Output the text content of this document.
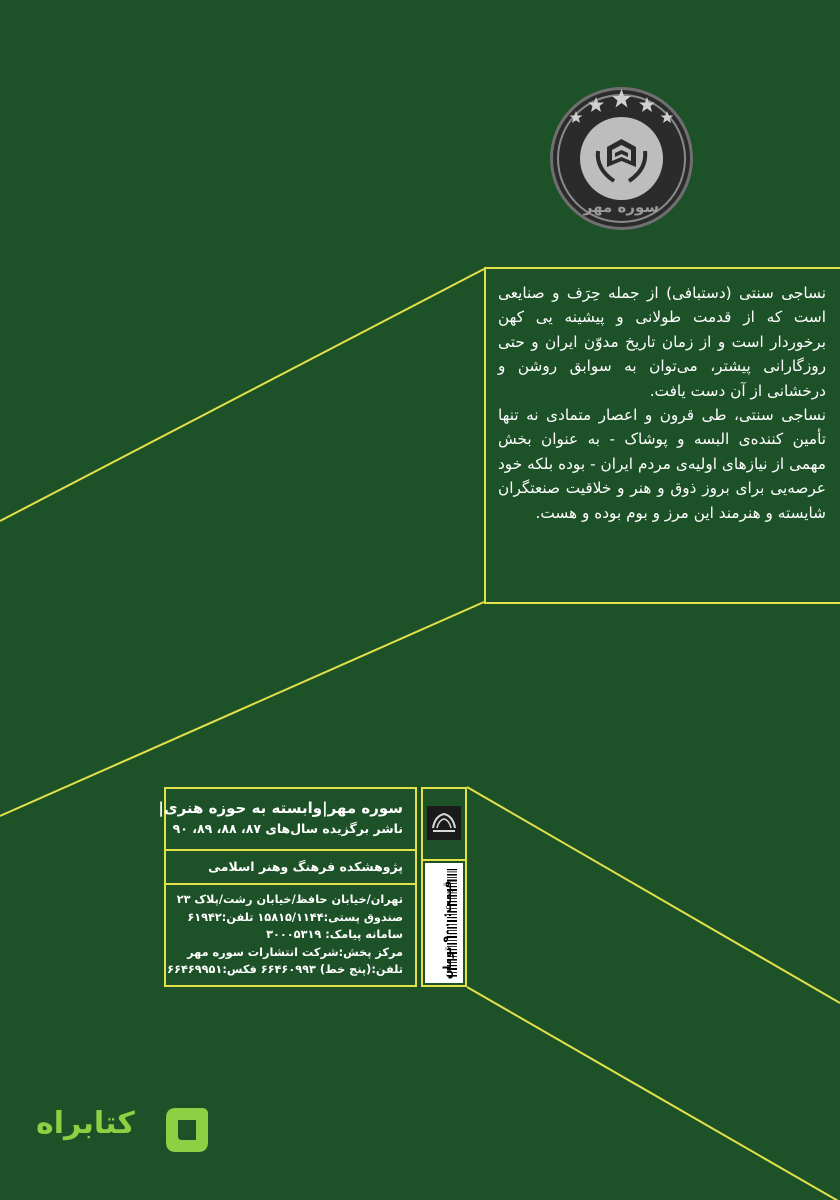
سوره مهر

نساجی سنتی (دستبافی) از جمله حِرَف و صنایعی است که از قدمت طولانی و پیشینه یی کهن برخوردار است و از زمان تاریخ مدوّن ایران و حتی روزگارانی پیشتر، می‌توان به سوابق روشن و درخشانی از آن دست یافت.

نساجی سنتی، طی قرون و اعصار متمادی نه تنها تأمین کننده‌ی البسه و پوشاک - به عنوان بخش مهمی از نیازهای اولیه‌ی مردم ایران - بوده بلکه خود عرصه‌یی برای بروز ذوق و هنر و خلاقیت صنعتگران شایسته و هنرمند این مرز و بوم بوده و هست.

سوره مهر|وابسته به حوزه هنری|
ناشر برگزیده سال‌های ۸۷، ۸۸، ۸۹، ۹۰
پژوهشکده فرهنگ وهنر اسلامی
تهران/خیابان حافظ/خیابان رشت/پلاک ۲۳
صندوق پستی:۱۵۸۱۵/۱۱۴۴ تلفن:۶۱۹۴۲
سامانه پیامک: ۳۰۰۰۵۳۱۹
مرکز پخش:شرکت انتشارات سوره مهر
تلفن:(پنج خط) ۶۶۴۶۰۹۹۳ فکس:۶۶۴۶۹۹۵۱	قیمت: ۹۰۰ تومان
کتابراه
